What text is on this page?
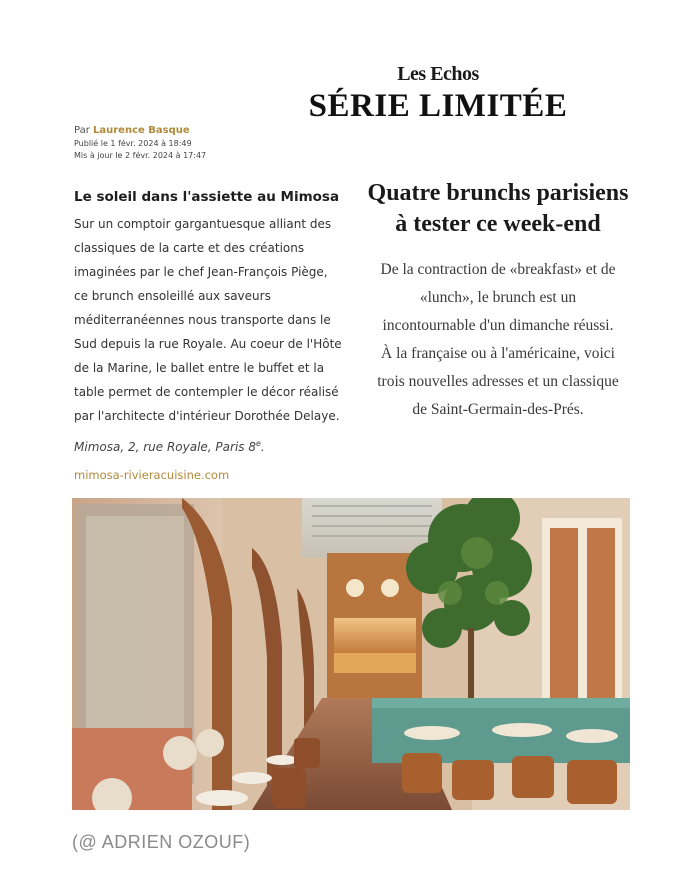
Les Echos
SÉRIE LIMITÉE
Par Laurence Basque
Publié le 1 févr. 2024 à 18:49
Mis à jour le 2 févr. 2024 à 17:47
Le soleil dans l'assiette au Mimosa

Sur un comptoir gargantuesque alliant des
classiques de la carte et des créations
imaginées par le chef Jean-François Piège,
ce brunch ensoleillé aux saveurs
méditerranéennes nous transporte dans le
Sud depuis la rue Royale. Au coeur de l'Hôte
de la Marine, le ballet entre le buffet et la
table permet de contempler le décor réalisé
par l'architecte d'intérieur Dorothée Delaye.

Mimosa, 2, rue Royale, Paris 8e.
mimosa-rivieracuisine.com
Quatre brunchs parisiens
à tester ce week-end

De la contraction de «breakfast» et de
«lunch», le brunch est un
incontournable d'un dimanche réussi.
À la française ou à l'américaine, voici
trois nouvelles adresses et un classique
de Saint-Germain-des-Prés.

(@ ADRIEN OZOUF)
